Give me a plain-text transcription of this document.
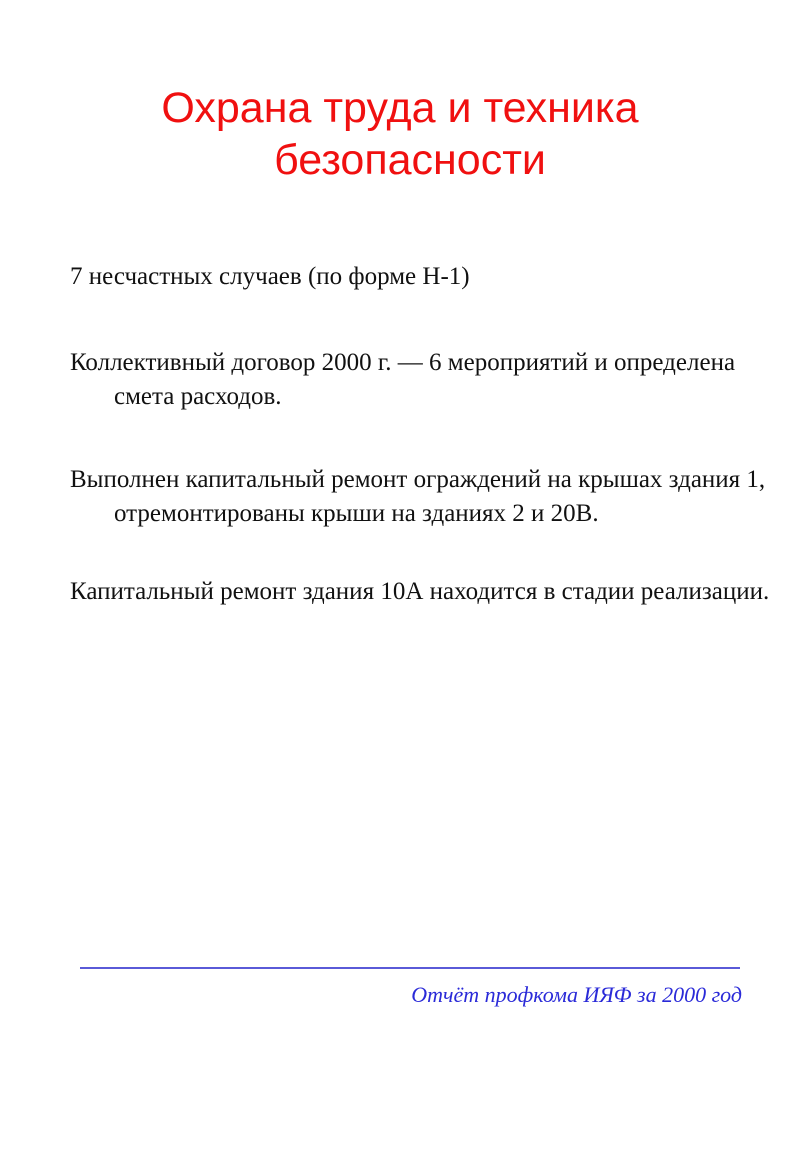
Охрана труда и техника
безопасности
7 несчастных случаев (по форме Н-1)
Коллективный договор 2000 г. — 6 мероприятий и определена смета расходов.
Выполнен капитальный ремонт ограждений на крышах здания 1, отремонтированы крыши на зданиях 2 и 20В.
Капитальный ремонт здания 10А находится в стадии реализации.
Отчёт профкома ИЯФ за 2000 год
